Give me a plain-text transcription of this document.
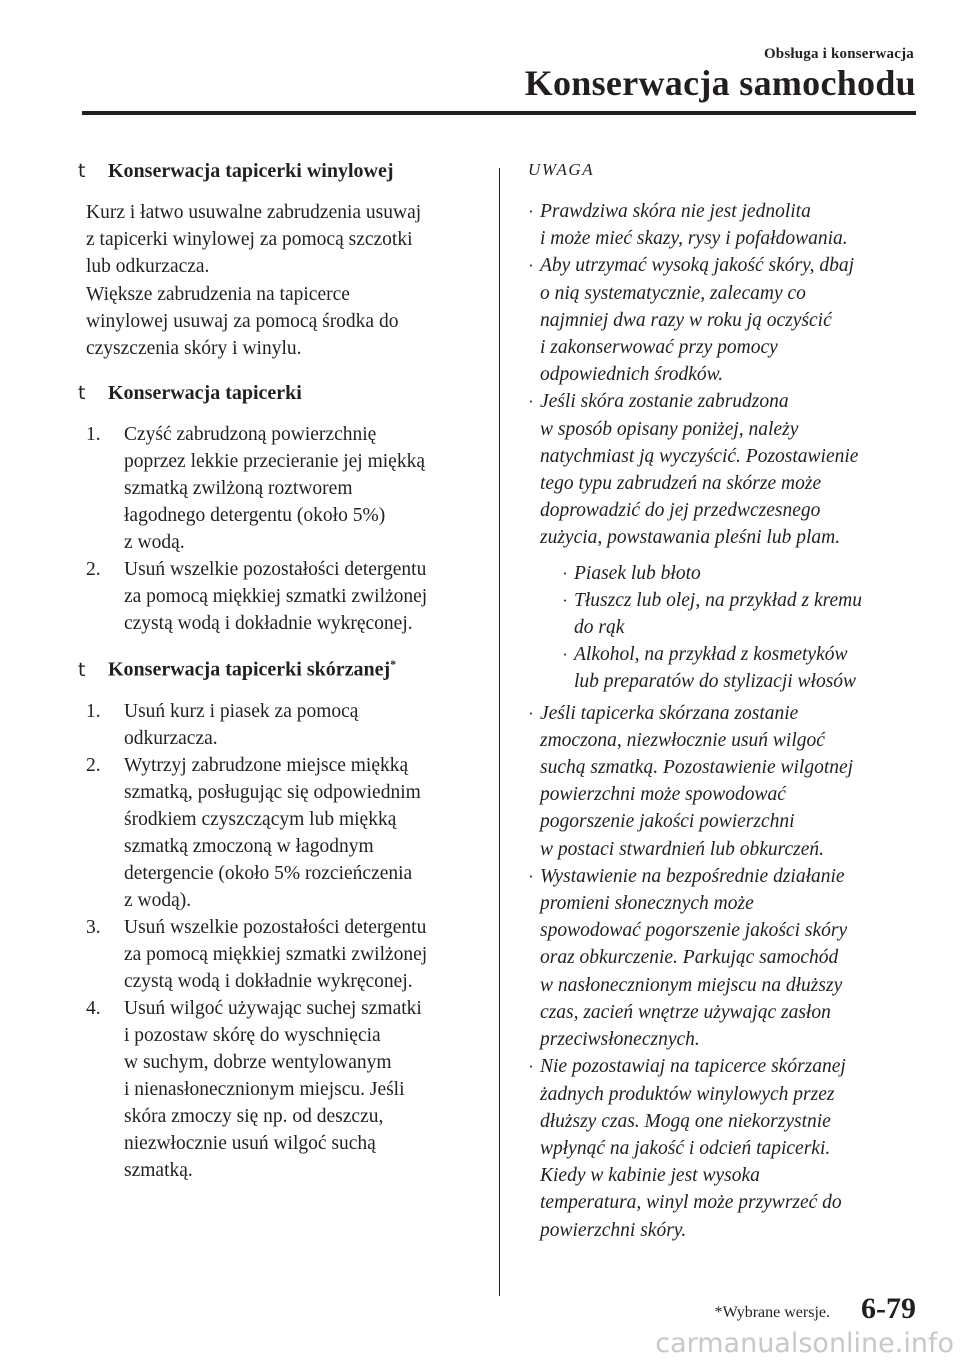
Obsługa i konserwacja
Konserwacja samochodu
t	Konserwacja tapicerki winylowej
Kurz i łatwo usuwalne zabrudzenia usuwaj
z tapicerki winylowej za pomocą szczotki
lub odkurzacza.
Większe zabrudzenia na tapicerce
winylowej usuwaj za pomocą środka do
czyszczenia skóry i winylu.
t	Konserwacja tapicerki
1.	Czyść zabrudzoną powierzchnię
poprzez lekkie przecieranie jej miękką
szmatką zwilżoną roztworem
łagodnego detergentu (około 5%)
z wodą.
2.	Usuń wszelkie pozostałości detergentu
za pomocą miękkiej szmatki zwilżonej
czystą wodą i dokładnie wykręconej.
t	Konserwacja tapicerki skórzanej*
1.	Usuń kurz i piasek za pomocą
odkurzacza.
2.	Wytrzyj zabrudzone miejsce miękką
szmatką, posługując się odpowiednim
środkiem czyszczącym lub miękką
szmatką zmoczoną w łagodnym
detergencie (około 5% rozcieńczenia
z wodą).
3.	Usuń wszelkie pozostałości detergentu
za pomocą miękkiej szmatki zwilżonej
czystą wodą i dokładnie wykręconej.
4.	Usuń wilgoć używając suchej szmatki
i pozostaw skórę do wyschnięcia
w suchym, dobrze wentylowanym
i nienasłonecznionym miejscu. Jeśli
skóra zmoczy się np. od deszczu,
niezwłocznie usuń wilgoć suchą
szmatką.
UWAGA
· Prawdziwa skóra nie jest jednolita
i może mieć skazy, rysy i pofałdowania.
· Aby utrzymać wysoką jakość skóry, dbaj
o nią systematycznie, zalecamy co
najmniej dwa razy w roku ją oczyścić
i zakonserwować przy pomocy
odpowiednich środków.
· Jeśli skóra zostanie zabrudzona
w sposób opisany poniżej, należy
natychmiast ją wyczyścić. Pozostawienie
tego typu zabrudzeń na skórze może
doprowadzić do jej przedwczesnego
zużycia, powstawania pleśni lub plam.
· Piasek lub błoto
· Tłuszcz lub olej, na przykład z kremu
do rąk
· Alkohol, na przykład z kosmetyków
lub preparatów do stylizacji włosów
· Jeśli tapicerka skórzana zostanie
zmoczona, niezwłocznie usuń wilgoć
suchą szmatką. Pozostawienie wilgotnej
powierzchni może spowodować
pogorszenie jakości powierzchni
w postaci stwardnień lub obkurczeń.
· Wystawienie na bezpośrednie działanie
promieni słonecznych może
spowodować pogorszenie jakości skóry
oraz obkurczenie. Parkując samochód
w nasłonecznionym miejscu na dłuższy
czas, zacień wnętrze używając zasłon
przeciwsłonecznych.
· Nie pozostawiaj na tapicerce skórzanej
żadnych produktów winylowych przez
dłuższy czas. Mogą one niekorzystnie
wpłynąć na jakość i odcień tapicerki.
Kiedy w kabinie jest wysoka
temperatura, winyl może przywrzeć do
powierzchni skóry.
*Wybrane wersje. 6-79
carmanualsonline.info
